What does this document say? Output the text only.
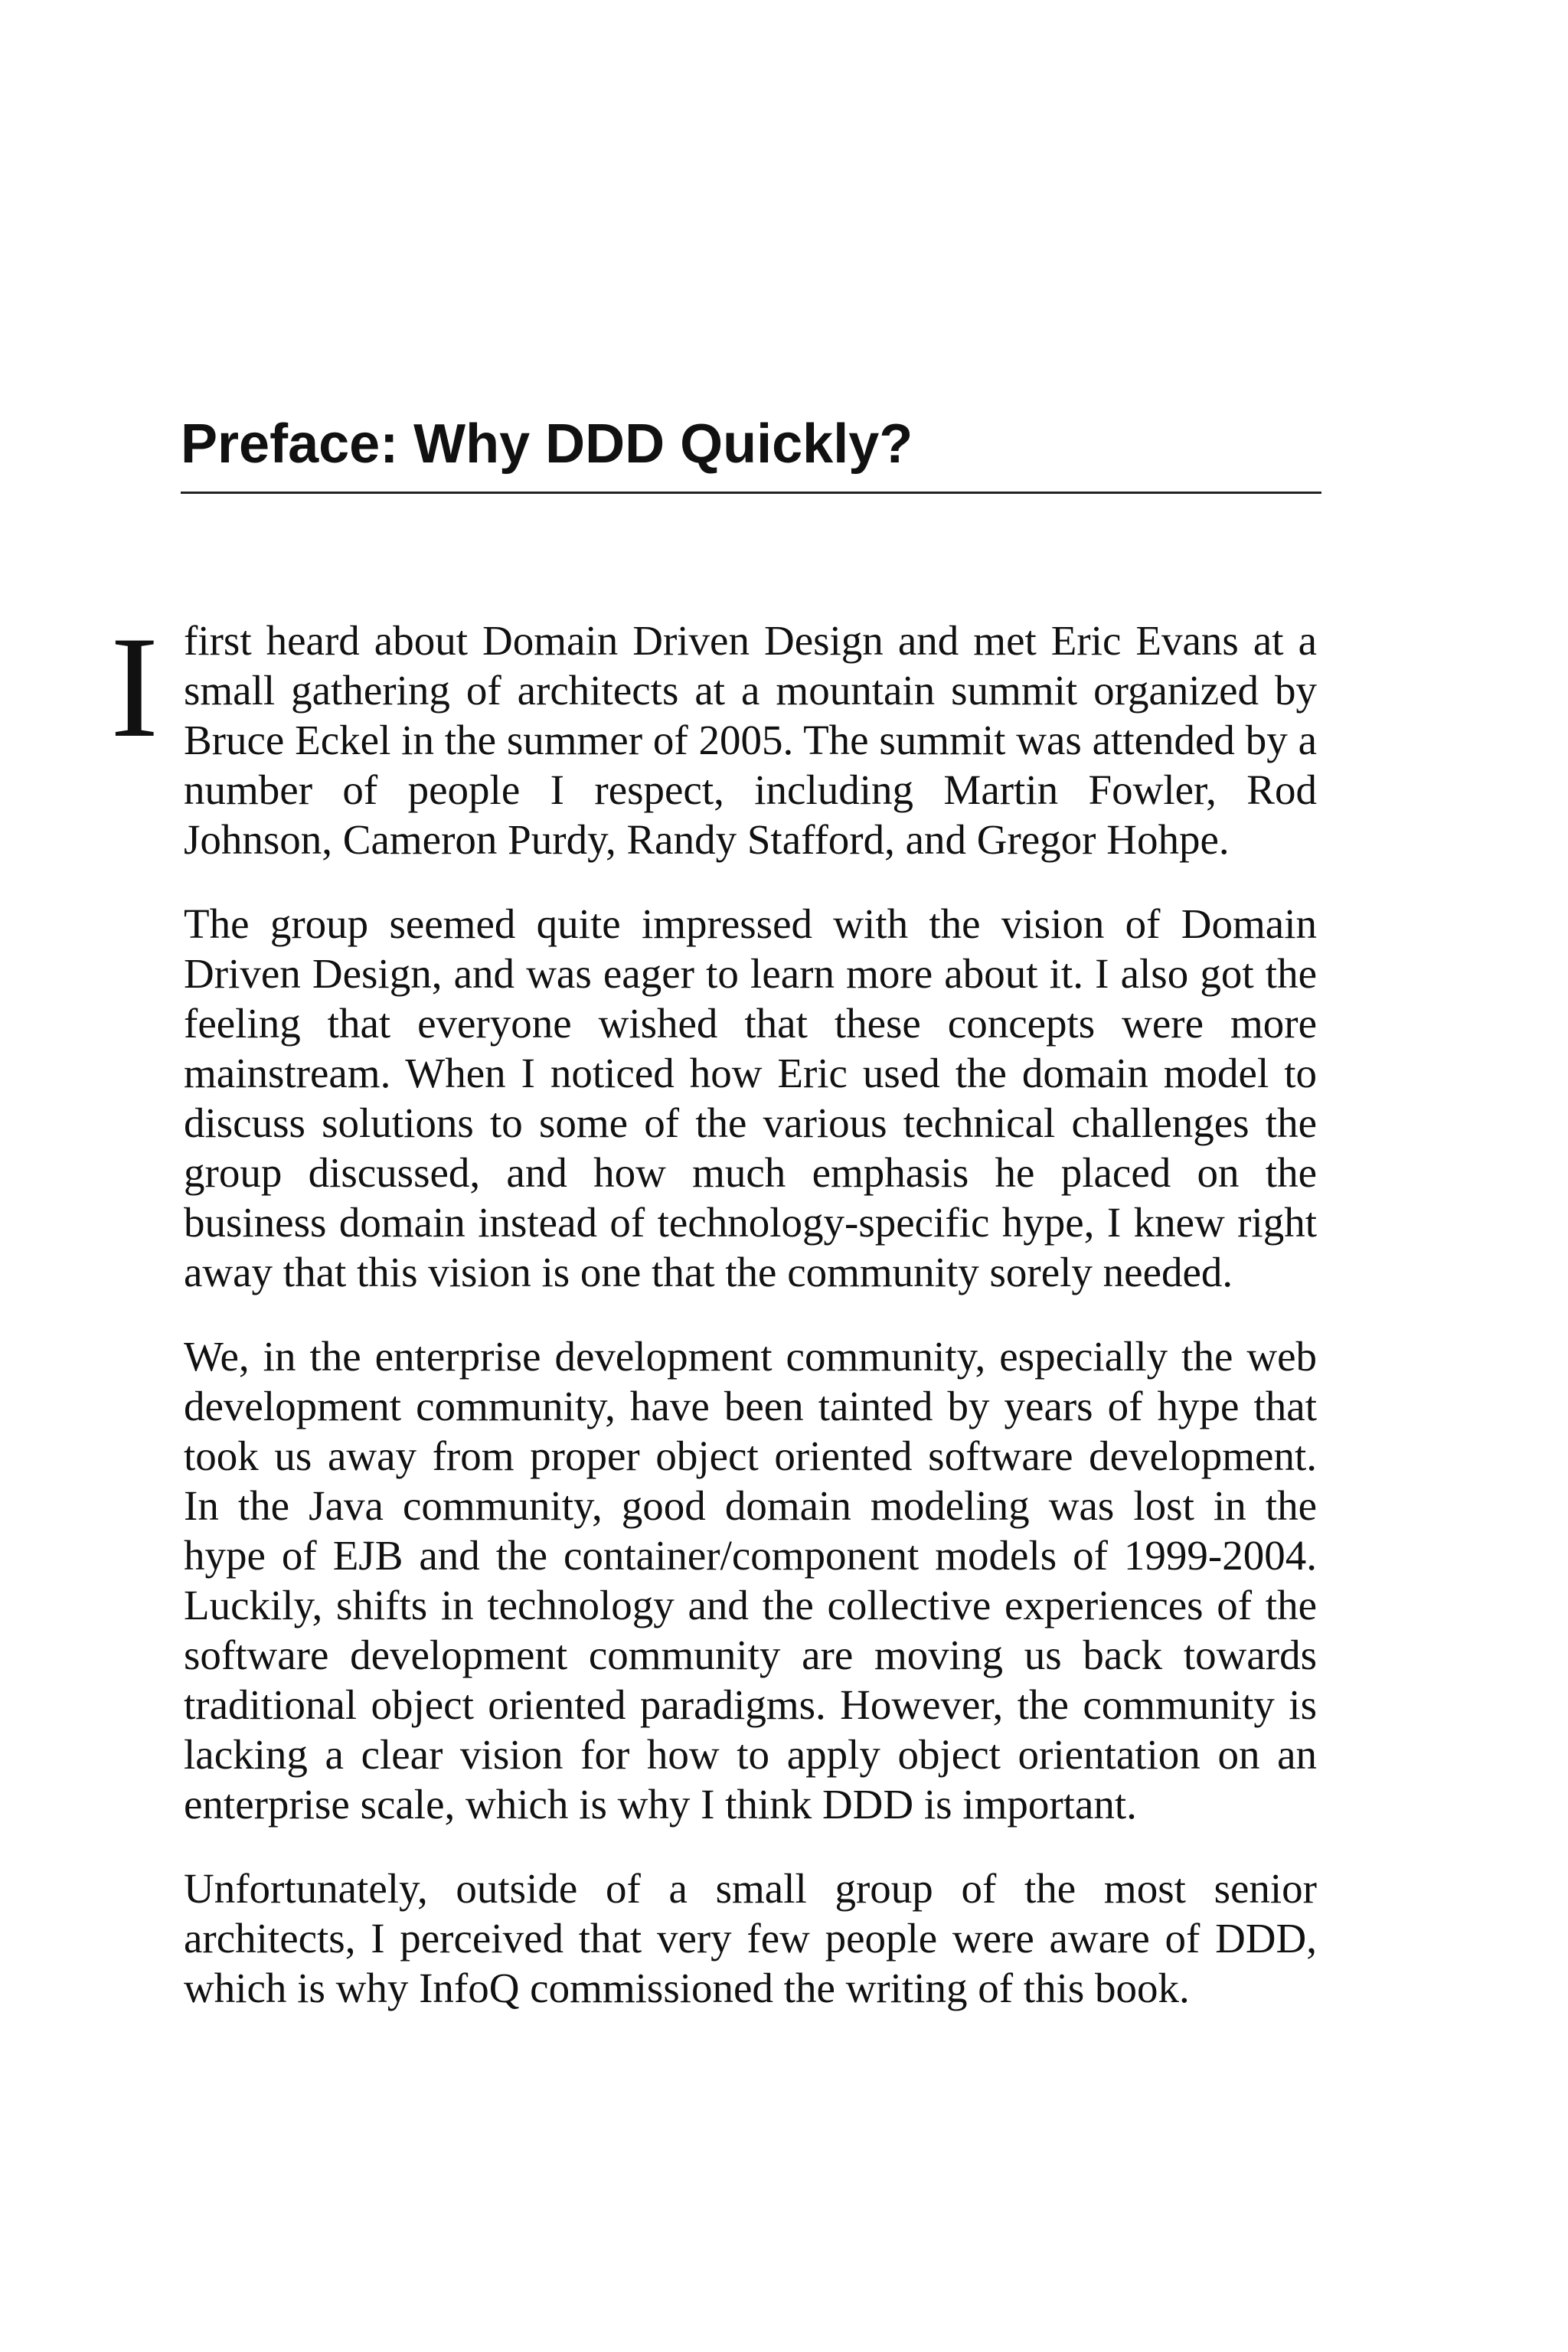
Preface: Why DDD Quickly?

I first heard about Domain Driven Design and met Eric Evans at a small gathering of architects at a mountain summit organized by Bruce Eckel in the summer of 2005. The summit was attended by a number of people I respect, including Martin Fowler, Rod Johnson, Cameron Purdy, Randy Stafford, and Gregor Hohpe.

The group seemed quite impressed with the vision of Domain Driven Design, and was eager to learn more about it. I also got the feeling that everyone wished that these concepts were more mainstream. When I noticed how Eric used the domain model to discuss solutions to some of the various technical challenges the group discussed, and how much emphasis he placed on the business domain instead of technology-specific hype, I knew right away that this vision is one that the community sorely needed.

We, in the enterprise development community, especially the web development community, have been tainted by years of hype that took us away from proper object oriented software development. In the Java community, good domain modeling was lost in the hype of EJB and the container/component models of 1999-2004. Luckily, shifts in technology and the collective experiences of the software development community are moving us back towards traditional object oriented paradigms. However, the community is lacking a clear vision for how to apply object orientation on an enterprise scale, which is why I think DDD is important.

Unfortunately, outside of a small group of the most senior architects, I perceived that very few people were aware of DDD, which is why InfoQ commissioned the writing of this book.
